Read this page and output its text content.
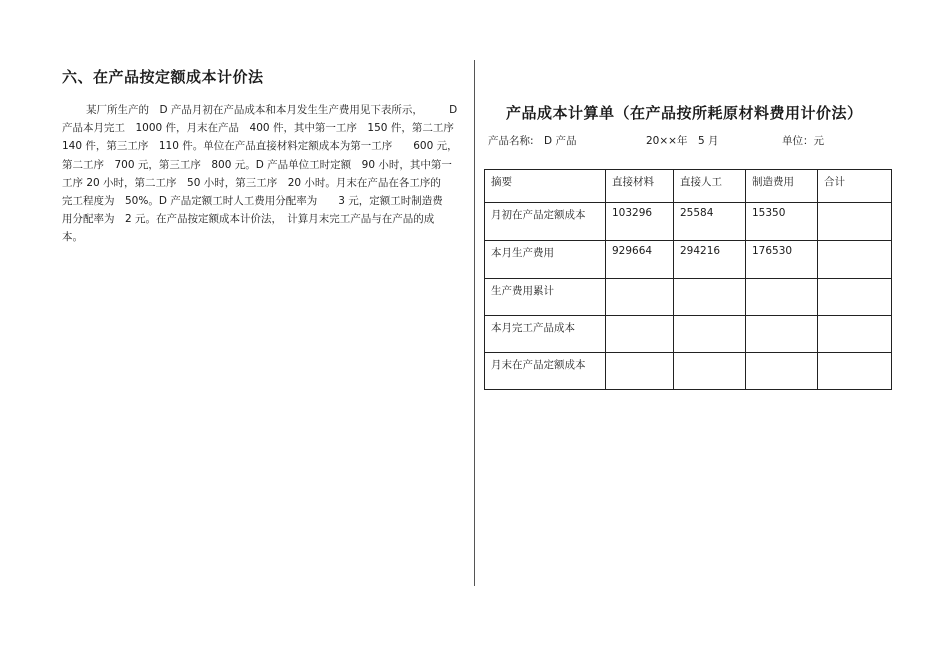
六、在产品按定额成本计价法

某厂所生产的　D 产品月初在产品成本和本月发生生产费用见下表所示，　　　D

产品本月完工　1000 件，月末在产品　400 件，其中第一工序　150 件，第二工序

140 件，第三工序　110 件。单位在产品直接材料定额成本为第一工序　　600 元，

第二工序　700 元，第三工序　800 元。D 产品单位工时定额　90 小时，其中第一

工序 20 小时，第二工序　50 小时，第三工序　20 小时。月末在产品在各工序的

完工程度为　50%。D 产品定额工时人工费用分配率为　　3 元，定额工时制造费

用分配率为　2 元。在产品按定额成本计价法，　计算月末完工产品与在产品的成

本。

产品成本计算单（在产品按所耗原材料费用计价法）
产品名称:　D 产品	20××年　5 月	单位：元
摘要	直接材料	直接人工	制造费用	合计
月初在产品定额成本	103296	25584	15350	
本月生产费用	929664	294216	176530	
生产费用累计				
本月完工产品成本				
月末在产品定额成本				
